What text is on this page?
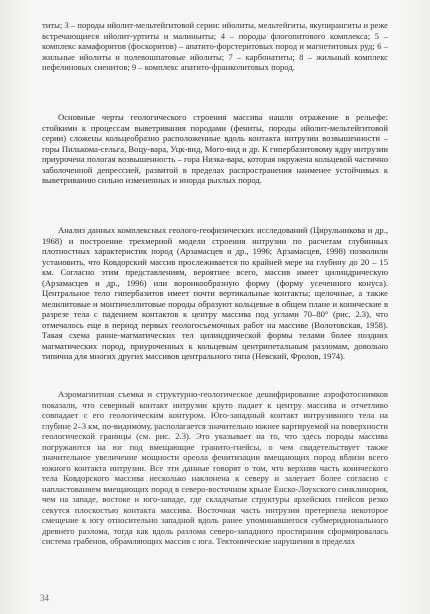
титы; 3 – породы ийолит-мельтейгитовой серии: ийолиты, мельтейгиты, якупирангиты и реже встречающиеся ийолит-уртиты и малиньиты; 4 – породы флогопитового комплекса; 5 – комплекс камафоритов (фоскоритов) – апатито-форстеритовых пород и магнетитовых руд; 6 – жильные ийолиты и полевошпатовые ийолиты; 7 – карбонатиты; 8 – жильный комплекс нефелиновых сиенитов; 9 – комплекс апатито-франколитовых пород.

Основные черты геологического строения массива нашли отражение в рельефе: стойкими к процессам выветривания породами (фениты, породы ийолит-мельтейгитовой серии) сложены кольцеобразно расположенные вдоль контакта интрузии возвышенности – горы Пилькома-сельга, Воцу-вара, Уцк-вид, Мого-вид и др. К гипербазитовому ядру интрузии приурочена пологая возвышенность – гора Низка-вара, которая окружена кольцевой частично заболоченной депрессией, развитой в пределах распространения наименее устойчивых к выветриванию сильно измененных и инорда рыхлых пород.

Анализ данных комплексных геолого-геофизических исследований (Цирульникова и др., 1968) и построение трехмерной модели строения интрузии по расчетам глубинных плотностных характеристик пород (Арзамасцев и др., 1996; Арзамасцев, 1998) позволили установить, что Ковдорский массив прослеживается по крайней мере на глубину до 20 – 15 км. Согласно этим представлениям, вероятнее всего, массив имеет цилиндрическую (Арзамасцев и др., 1996) или воронкообразную форму (форму усеченного конуса). Центральное тело гипербазитов имеет почти вертикальные контакты; щелочные, а также мелилитовые и монтичеллитовые породы образуют кольцевые в общем плане и конические в разрезе тела с падением контактов к центру массива под углами 70–80° (рис. 2.3), что отмечалось еще в период первых геологосъемочных работ на массиве (Волотовская, 1958). Такая схема ранне-магматических тел цилиндрической формы телами более поздних магматических пород, приуроченных к кольцевым центрипетальным разломам, довольно типична для многих других массивов центрального типа (Невский, Фролов, 1974).

Аэромагнитная съемка и структурно-геологическое дешифрирование аэрофотоснимков показали, что северный контакт интрузии круто падает к центру массива и отчетливо совпадает с его геологическим контуром. Юго-западный контакт интрузивного тела на глубине 2–3 км, по-видимому, располагается значительно южнее картируемой на поверхности геологической границы (см. рис. 2.3). Это указывает на то, что здесь породы массива погружаются на юг под вмещающие гранито-гнейсы, о чем свидетельствует также значительное увеличение мощности ореола фенитизации вмещающих пород вблизи всего южного контакта интрузии. Все эти данные говорят о том, что верхняя часть конического тела Ковдорского массива несколько наклонена к северу и залегает более согласно с напластованием вмещающих пород в северо-восточном крыле Енско-Лоухского синклинория, чем на западе, востоке и юго-западе, где складчатые структуры архейских гнейсов резко секутся плоскостью контакта массива. Восточная часть интрузии претерпела некоторое смещение к югу относительно западной вдоль ранее упоминавшегося субмеридионального древнего разлома, тогда как вдоль разлома северо-западного простирания сформировалась система грабенов, обрамляющих массив с юга. Тектонические нарушения в пределах

34
